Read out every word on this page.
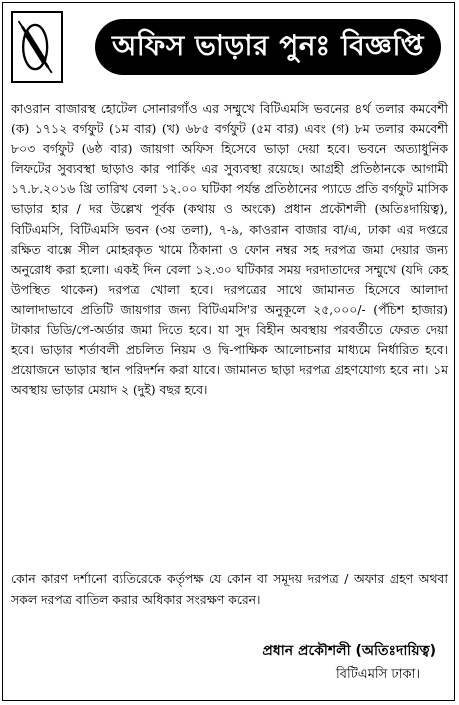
অফিস ভাড়ার পুনঃ বিজ্ঞপ্তি

কাওরান বাজারস্থ হোটেল সোনারগাঁও এর সম্মুখে বিটিএমসি ভবনের ৪র্থ তলার কমবেশী (ক) ১৭১২ বর্গফুট (১ম বার) (খ) ৬৮৫ বর্গফুট (৫ম বার) এবং (গ) ৮ম তলার কমবেশী ৮০৩ বর্গফুট (৬ষ্ঠ বার) জায়গা অফিস হিসেবে ভাড়া দেয়া হবে। ভবনে অত্যাধুনিক লিফটের সুব্যবস্থা ছাড়াও কার পার্কিং এর সুব্যবস্থা রয়েছে। আগ্রহী প্রতিষ্ঠানকে আগামী ১৭.৮.২০১৬ খ্রি তারিখ বেলা ১২.০০ ঘটিকা পর্যন্ত প্রতিষ্ঠানের প্যাডে প্রতি বর্গফুট মাসিক ভাড়ার হার / দর উল্লেখ পূর্বক (কথায় ও অংকে) প্রধান প্রকৌশলী (অতিঃদায়িত্ব), বিটিএমসি, বিটিএমসি ভবন (৩য় তলা), ৭-৯, কাওরান বাজার বা/এ, ঢাকা এর দপ্তরে রক্ষিত বাক্সে সীল মোহরকৃত খামে ঠিকানা ও ফোন নম্বর সহ দরপত্র জমা দেয়ার জন্য অনুরোধ করা হলো। একই দিন বেলা ১২.৩০ ঘটিকার সময় দরদাতাদের সম্মুখে (যদি কেহ উপস্থিত থাকেন) দরপত্র খোলা হবে। দরপত্রের সাথে জামানত হিসেবে আলাদা আলাদাভাবে প্রতিটি জায়গার জন্য বিটিএমসি'র অনুকূলে ২৫,০০০/- (পঁচিশ হাজার) টাকার ডিডি/পে-অর্ডার জমা দিতে হবে। যা সুদ বিহীন অবস্থায় পরবর্তীতে ফেরত দেয়া হবে। ভাড়ার শর্তাবলী প্রচলিত নিয়ম ও দ্বি-পাক্ষিক আলোচনার মাধ্যমে নির্ধারিত হবে। প্রয়োজনে ভাড়ার স্থান পরিদর্শন করা যাবে। জামানত ছাড়া দরপত্র গ্রহণযোগ্য হবে না। ১ম অবস্থায় ভাড়ার মেয়াদ ২ (দুই) বছর হবে।

কোন কারণ দর্শানো ব্যতিরেকে কর্তৃপক্ষ যে কোন বা সমূদয় দরপত্র / অফার গ্রহণ অথবা সকল দরপত্র বাতিল করার অধিকার সংরক্ষণ করেন।

প্রধান প্রকৌশলী (অতিঃদায়িত্ব)
বিটিএমসি ঢাকা।
